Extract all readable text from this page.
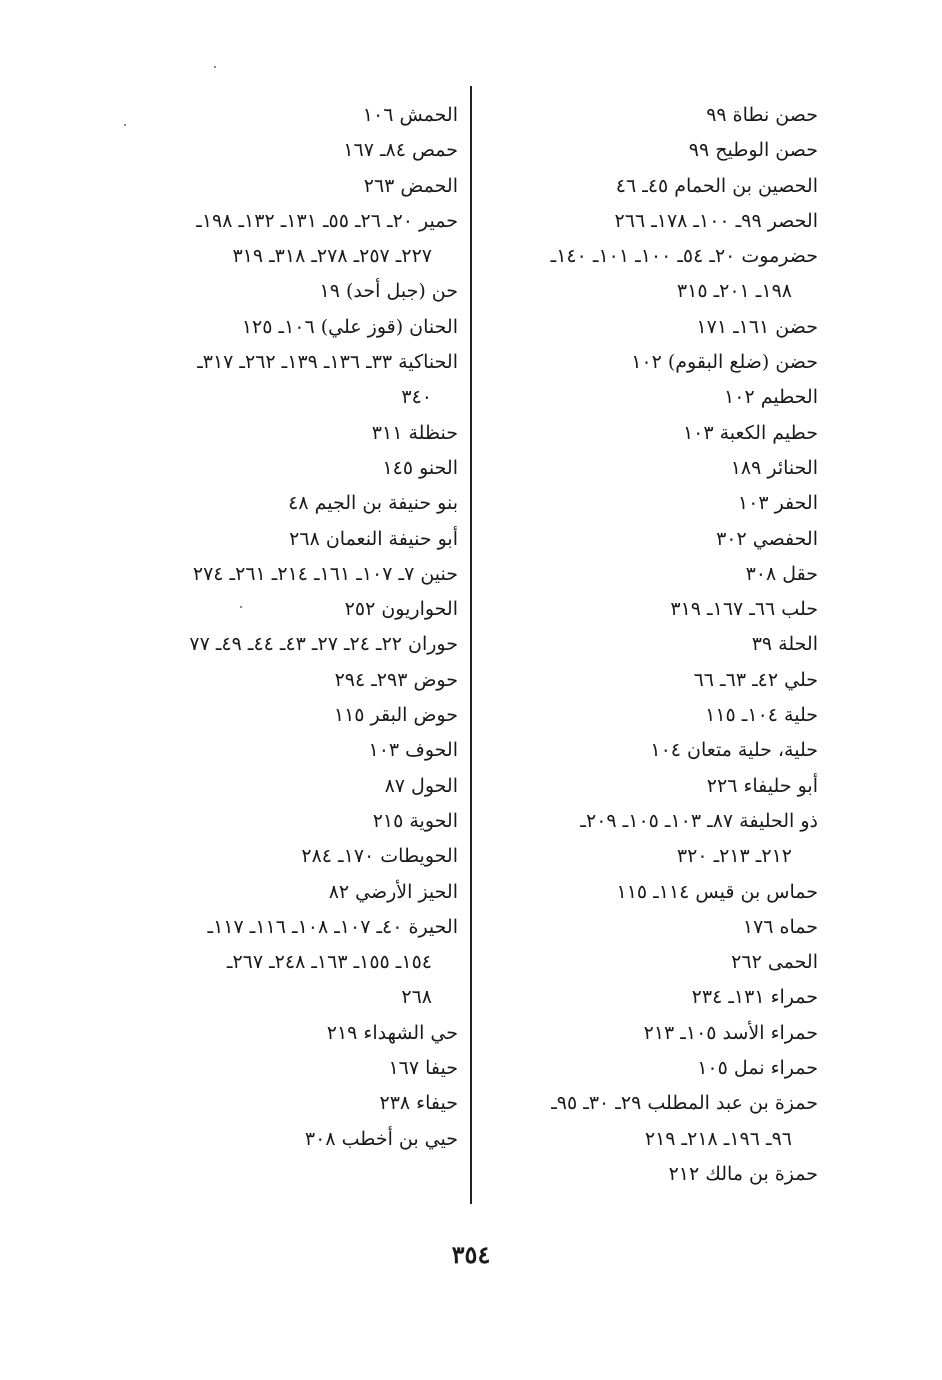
حصن نطاة ٩٩
حصن الوطيح ٩٩
الحصين بن الحمام ٤٥ـ ٤٦
الحصر ٩٩ـ ١٠٠ـ ١٧٨ـ ٢٦٦
حضرموت ٢٠ـ ٥٤ـ ١٠٠ـ ١٠١ـ ١٤٠ـ
١٩٨ـ ٢٠١ـ ٣١٥
حضن ١٦١ـ ١٧١
حضن (ضلع البقوم) ١٠٢
الحطيم ١٠٢
حطيم الكعبة ١٠٣
الحنائر ١٨٩
الحفر ١٠٣
الحفصي ٣٠٢
حقل ٣٠٨
حلب ٦٦ـ ١٦٧ـ ٣١٩
الحلة ٣٩
حلي ٤٢ـ ٦٣ـ ٦٦
حلية ١٠٤ـ ١١٥
حلية، حلية متعان ١٠٤
أبو حليفاء ٢٢٦
ذو الحليفة ٨٧ـ ١٠٣ـ ١٠٥ـ ٢٠٩ـ
٢١٢ـ ٢١٣ـ ٣٢٠
حماس بن قيس ١١٤ـ ١١٥
حماه ١٧٦
الحمى ٢٦٢
حمراء ١٣١ـ ٢٣٤
حمراء الأسد ١٠٥ـ ٢١٣
حمراء نمل ١٠٥
حمزة بن عبد المطلب ٢٩ـ ٣٠ـ ٩٥ـ
٩٦ـ ١٩٦ـ ٢١٨ـ ٢١٩
حمزة بن مالك ٢١٢
الحمش ١٠٦
حمص ٨٤ـ ١٦٧
الحمض ٢٦٣
حمير ٢٠ـ ٢٦ـ ٥٥ـ ١٣١ـ ١٣٢ـ ١٩٨ـ
٢٢٧ـ ٢٥٧ـ ٢٧٨ـ ٣١٨ـ ٣١٩
حن (جبل أحد) ١٩
الحنان (قوز علي) ١٠٦ـ ١٢٥
الحناكية ٣٣ـ ١٣٦ـ ١٣٩ـ ٢٦٢ـ ٣١٧ـ
٣٤٠
حنظلة ٣١١
الحنو ١٤٥
بنو حنيفة بن الجيم ٤٨
أبو حنيفة النعمان ٢٦٨
حنين ٧ـ ١٠٧ـ ١٦١ـ ٢١٤ـ ٢٦١ـ ٢٧٤
الحواريون ٢٥٢
حوران ٢٢ـ ٢٤ـ ٢٧ـ ٤٣ـ ٤٤ـ ٤٩ـ ٧٧
حوض ٢٩٣ـ ٢٩٤
حوض البقر ١١٥
الحوف ١٠٣
الحول ٨٧
الحوية ٢١٥
الحويطات ١٧٠ـ ٢٨٤
الحيز الأرضي ٨٢
الحيرة ٤٠ـ ١٠٧ـ ١٠٨ـ ١١٦ـ ١١٧ـ
١٥٤ـ ١٥٥ـ ١٦٣ـ ٢٤٨ـ ٢٦٧ـ
٢٦٨
حي الشهداء ٢١٩
حيفا ١٦٧
حيفاء ٢٣٨
حيي بن أخطب ٣٠٨
٣٥٤
